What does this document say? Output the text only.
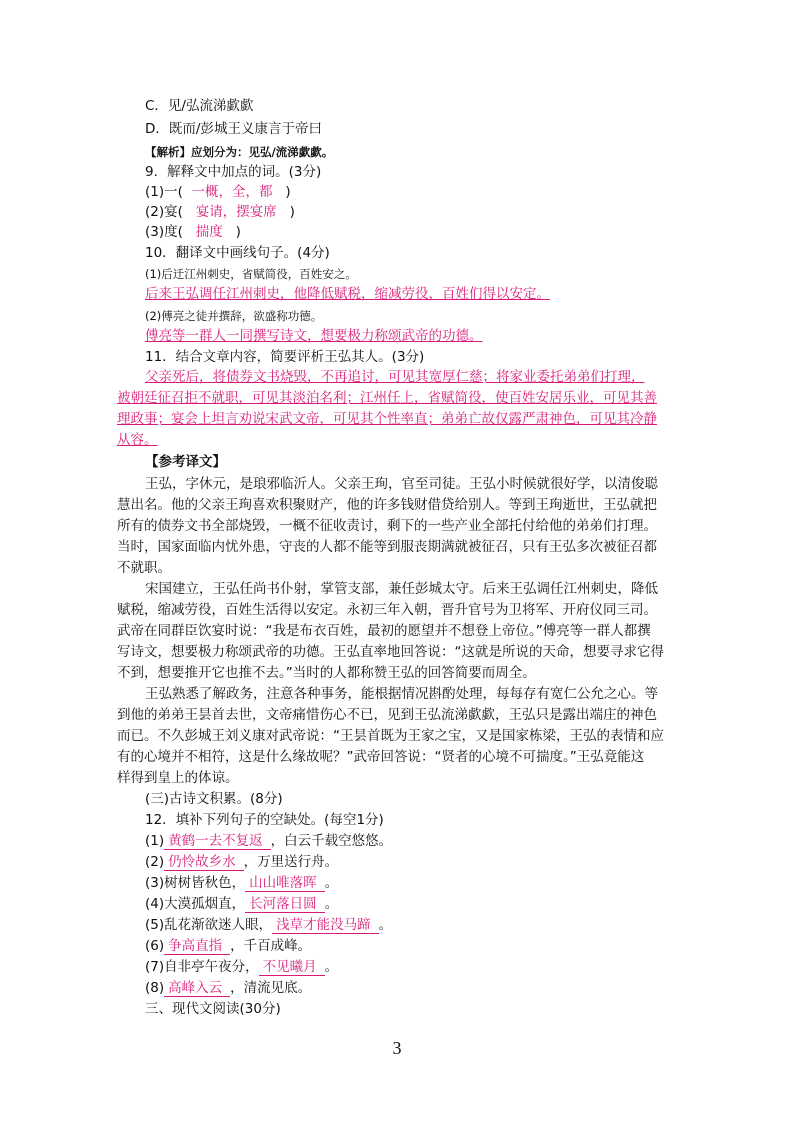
C．见/弘流涕歔歔
D．既而/彭城王义康言于帝曰
【解析】应划分为：见弘/流涕歔歔。
9．解释文中加点的词。(3分)
(1)一( 一概，全，都 )
(2)宴( 宴请，摆宴席 )
(3)度( 揣度 )
10．翻译文中画线句子。(4分)
(1)后迁江州刺史，省赋简役，百姓安之。
后来王弘调任江州刺史，他降低赋税，缩减劳役，百姓们得以安定。
(2)傅亮之徒并撰辞，欲盛称功德。
傅亮等一群人一同撰写诗文，想要极力称颂武帝的功德。
11．结合文章内容，简要评析王弘其人。(3分)
父亲死后，将债券文书烧毁，不再追讨，可见其宽厚仁慈；将家业委托弟弟们打理，
被朝廷征召拒不就职，可见其淡泊名利；江州任上，省赋简役，使百姓安居乐业，可见其善
理政事；宴会上坦言劝说宋武文帝，可见其个性率直；弟弟亡故仅露严肃神色，可见其冷静
从容。
【参考译文】
王弘，字休元，是琅邪临沂人。父亲王珣，官至司徒。王弘小时候就很好学，以清俊聪
慧出名。他的父亲王珣喜欢积聚财产，他的许多钱财借贷给别人。等到王珣逝世，王弘就把
所有的债券文书全部烧毁，一概不征收责讨，剩下的一些产业全部托付给他的弟弟们打理。
当时，国家面临内忧外患，守丧的人都不能等到服丧期满就被征召，只有王弘多次被征召都
不就职。
宋国建立，王弘任尚书仆射，掌管支部，兼任彭城太守。后来王弘调任江州刺史，降低
赋税，缩减劳役，百姓生活得以安定。永初三年入朝，晋升官号为卫将军、开府仪同三司。
武帝在同群臣饮宴时说：“我是布衣百姓，最初的愿望并不想登上帝位。”傅亮等一群人都撰
写诗文，想要极力称颂武帝的功德。王弘直率地回答说：“这就是所说的天命，想要寻求它得
不到，想要推开它也推不去。”当时的人都称赞王弘的回答简要而周全。
王弘熟悉了解政务，注意各种事务，能根据情况斟酌处理，每每存有宽仁公允之心。等
到他的弟弟王昙首去世，文帝痛惜伤心不已，见到王弘流涕歔歔，王弘只是露出端庄的神色
而已。不久彭城王刘义康对武帝说：“王昙首既为王家之宝，又是国家栋梁，王弘的表情和应
有的心境并不相符，这是什么缘故呢？”武帝回答说：“贤者的心境不可揣度。”王弘竟能这
样得到皇上的体谅。
(三)古诗文积累。(8分)
12．填补下列句子的空缺处。(每空1分)
(1) 黄鹤一去不复返 ，白云千载空悠悠。
(2) 仍怜故乡水 ，万里送行舟。
(3)树树皆秋色， 山山唯落晖 。
(4)大漠孤烟直， 长河落日圆 。
(5)乱花渐欲迷人眼， 浅草才能没马蹄 。
(6) 争高直指 ，千百成峰。
(7)自非亭午夜分， 不见曦月 。
(8) 高峰入云 ，清流见底。
三、现代文阅读(30分)
3
